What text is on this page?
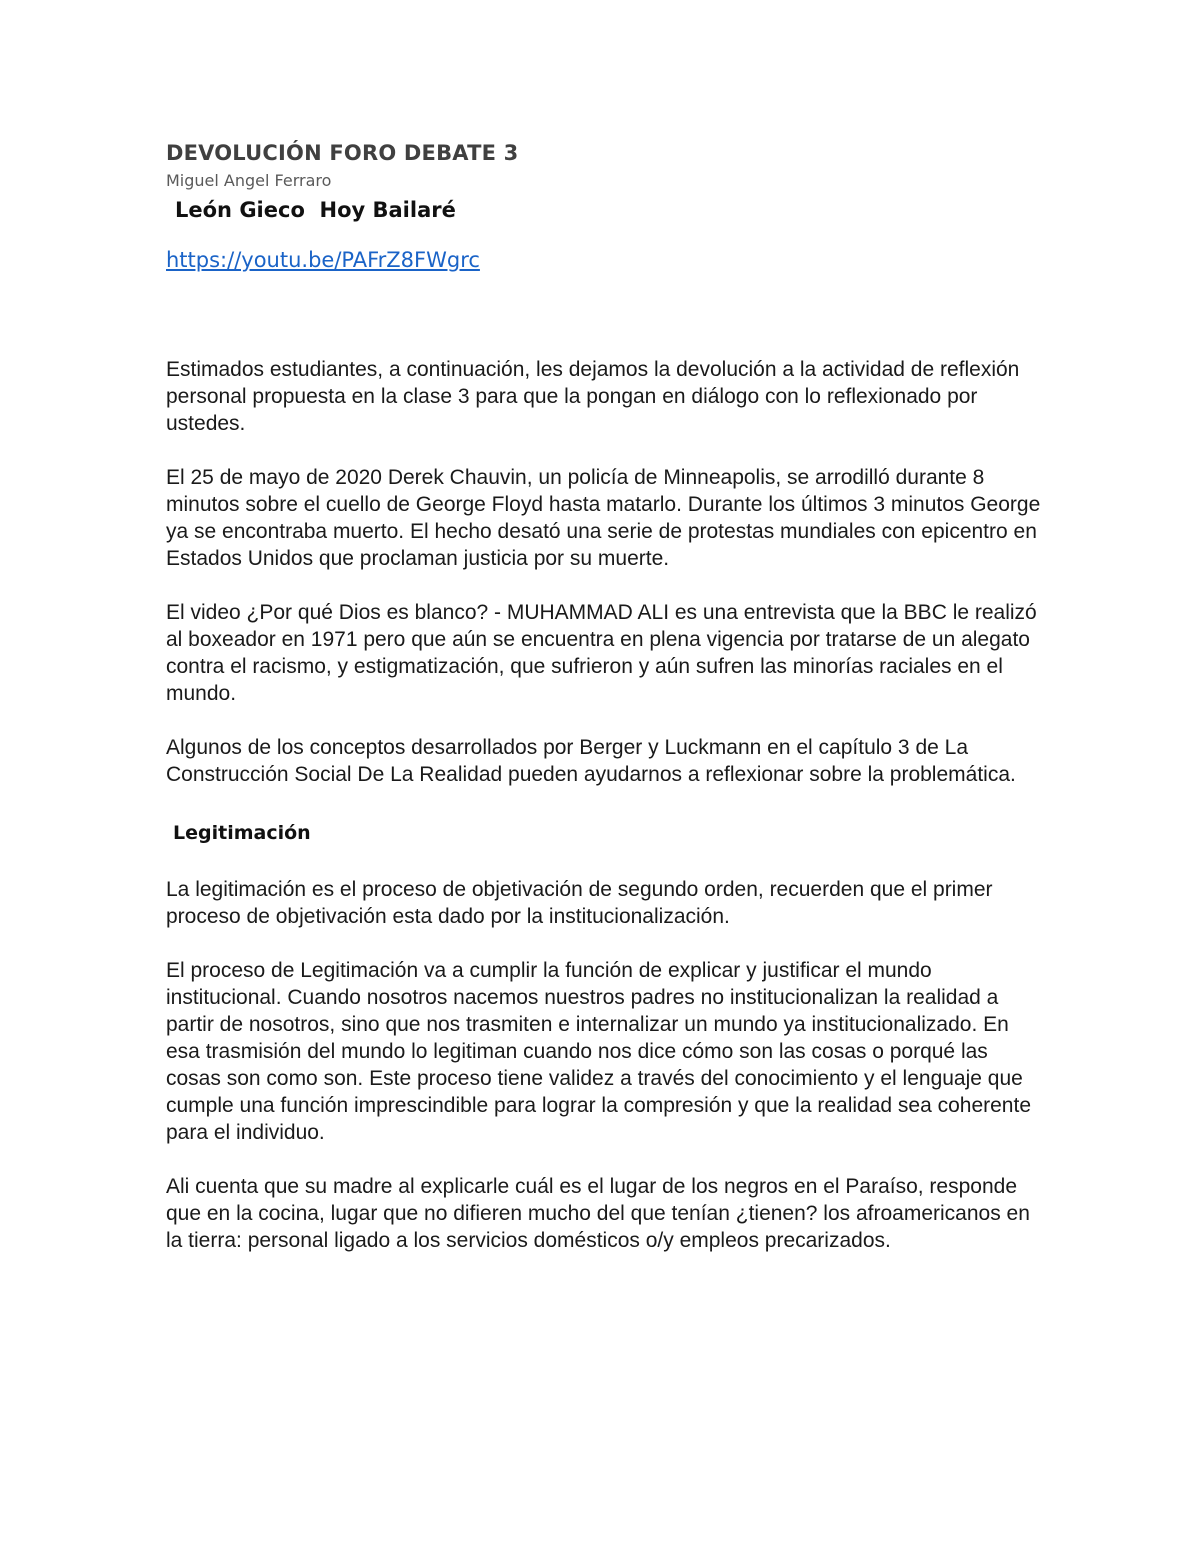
DEVOLUCIÓN FORO DEBATE 3
Miguel Angel Ferraro
León Gieco  Hoy Bailaré
https://youtu.be/PAFrZ8FWgrc

Estimados estudiantes, a continuación, les dejamos la devolución a la actividad de reflexión personal propuesta en la clase 3 para que la pongan en diálogo con lo reflexionado por ustedes.

El 25 de mayo de 2020 Derek Chauvin, un policía de Minneapolis, se arrodilló durante 8 minutos sobre el cuello de George Floyd hasta matarlo. Durante los últimos 3 minutos George ya se encontraba muerto. El hecho desató una serie de protestas mundiales con epicentro en Estados Unidos que proclaman justicia por su muerte.

El video ¿Por qué Dios es blanco? - MUHAMMAD ALI es una entrevista que la BBC le realizó al boxeador en 1971 pero que aún se encuentra en plena vigencia por tratarse de un alegato contra el racismo, y estigmatización, que sufrieron y aún sufren las minorías raciales en el mundo.

Algunos de los conceptos desarrollados por Berger y Luckmann en el capítulo 3 de La Construcción Social De La Realidad pueden ayudarnos a reflexionar sobre la problemática.

Legitimación

La legitimación es el proceso de objetivación de segundo orden, recuerden que el primer proceso de objetivación esta dado por la institucionalización.

El proceso de Legitimación va a cumplir la función de explicar y justificar el mundo institucional. Cuando nosotros nacemos nuestros padres no institucionalizan la realidad a partir de nosotros, sino que nos trasmiten e internalizar un mundo ya institucionalizado. En esa trasmisión del mundo lo legitiman cuando nos dice cómo son las cosas o porqué las cosas son como son. Este proceso tiene validez a través del conocimiento y el lenguaje que cumple una función imprescindible para lograr la compresión y que la realidad sea coherente para el individuo.

Ali cuenta que su madre al explicarle cuál es el lugar de los negros en el Paraíso, responde que en la cocina, lugar que no difieren mucho del que tenían ¿tienen? los afroamericanos en la tierra: personal ligado a los servicios domésticos o/y empleos precarizados.
